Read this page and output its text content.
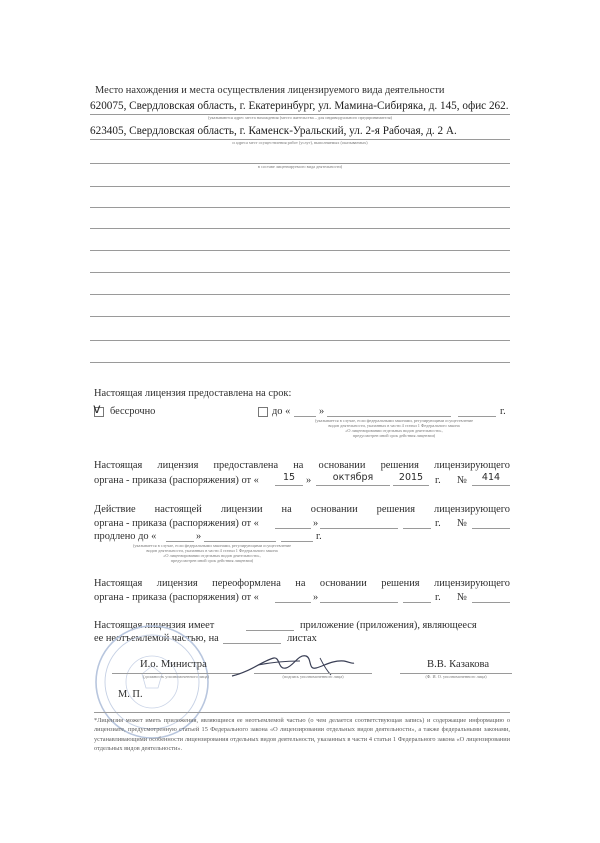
Место нахождения и места осуществления лицензируемого вида деятельности
620075, Свердловская область, г. Екатеринбург, ул. Мамина-Сибиряка, д. 145, офис 262.
(указываются адрес места нахождения (место жительства – для индивидуального предпринимателя)
623405, Свердловская область, г. Каменск-Уральский, ул. 2-я Рабочая, д. 2 А.
и адреса мест осуществления работ (услуг), выполняемых (оказываемых)
в составе лицензируемого вида деятельности)
Настоящая лицензия предоставлена на срок:
v бессрочно	до «	»	г.
(указывается в случае, если федеральными законами, регулирующими осуществление
видов деятельности, указанных в части 4 статьи 1 Федерального закона
«О лицензировании отдельных видов деятельности»,
предусмотрен иной срок действия лицензии)
Настоящая лицензия предоставлена на основании решения лицензирующего
органа - приказа (распоряжения) от «	15	»	октября	2015	г. №	414
Действие настоящей лицензии на основании решения лицензирующего
органа - приказа (распоряжения) от «	»	г. №
продлено до «	»	г.
(указывается в случае, если федеральными законами, регулирующими осуществление
видов деятельности, указанных в части 4 статьи 1 Федерального закона
«О лицензировании отдельных видов деятельности»,
предусмотрен иной срок действия лицензии)
Настоящая лицензия переоформлена на основании решения лицензирующего
органа - приказа (распоряжения) от «	»	г. №
Настоящая лицензия имеет	приложение (приложения), являющееся
ее неотъемлемой частью, на	листах
И.о. Министра
(должность уполномоченного лица)	(подпись уполномоченного лица)
В.В. Казакова
(Ф. И. О. уполномоченного лица)
М. П.
*Лицензия может иметь приложения, являющиеся ее неотъемлемой частью (о чем делается соответствующая запись) и содержащие информацию о лицензиате, предусмотренную статьей 15 Федерального закона «О лицензировании отдельных видов деятельности», а также федеральными законами, устанавливающими особенности лицензирования отдельных видов деятельности, указанных в части 4 статьи 1 Федерального закона «О лицензировании отдельных видов деятельности».
